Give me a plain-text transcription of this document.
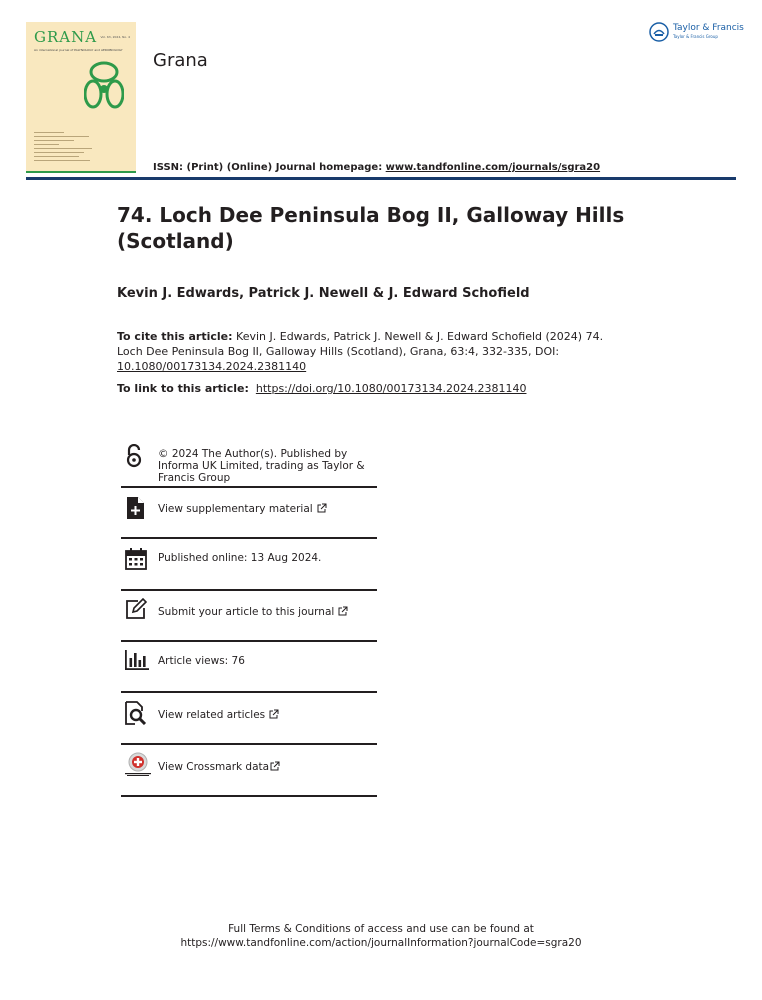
GRANA Vol. 63, 2024, No. 4
An international journal of PALYNOLOGY and AEROBIOLOGY Grana
Taylor & Francis
Taylor & Francis Group
ISSN: (Print) (Online) Journal homepage: www.tandfonline.com/journals/sgra20
74. Loch Dee Peninsula Bog II, Galloway Hills (Scotland)
Kevin J. Edwards, Patrick J. Newell & J. Edward Schofield
To cite this article: Kevin J. Edwards, Patrick J. Newell & J. Edward Schofield (2024) 74. Loch Dee Peninsula Bog II, Galloway Hills (Scotland), Grana, 63:4, 332-335, DOI: 10.1080/00173134.2024.2381140
To link to this article: https://doi.org/10.1080/00173134.2024.2381140
© 2024 The Author(s). Published by Informa UK Limited, trading as Taylor & Francis Group
View supplementary material
Published online: 13 Aug 2024.
Submit your article to this journal
Article views: 76
View related articles
View Crossmark data
Full Terms & Conditions of access and use can be found at
https://www.tandfonline.com/action/journalInformation?journalCode=sgra20
